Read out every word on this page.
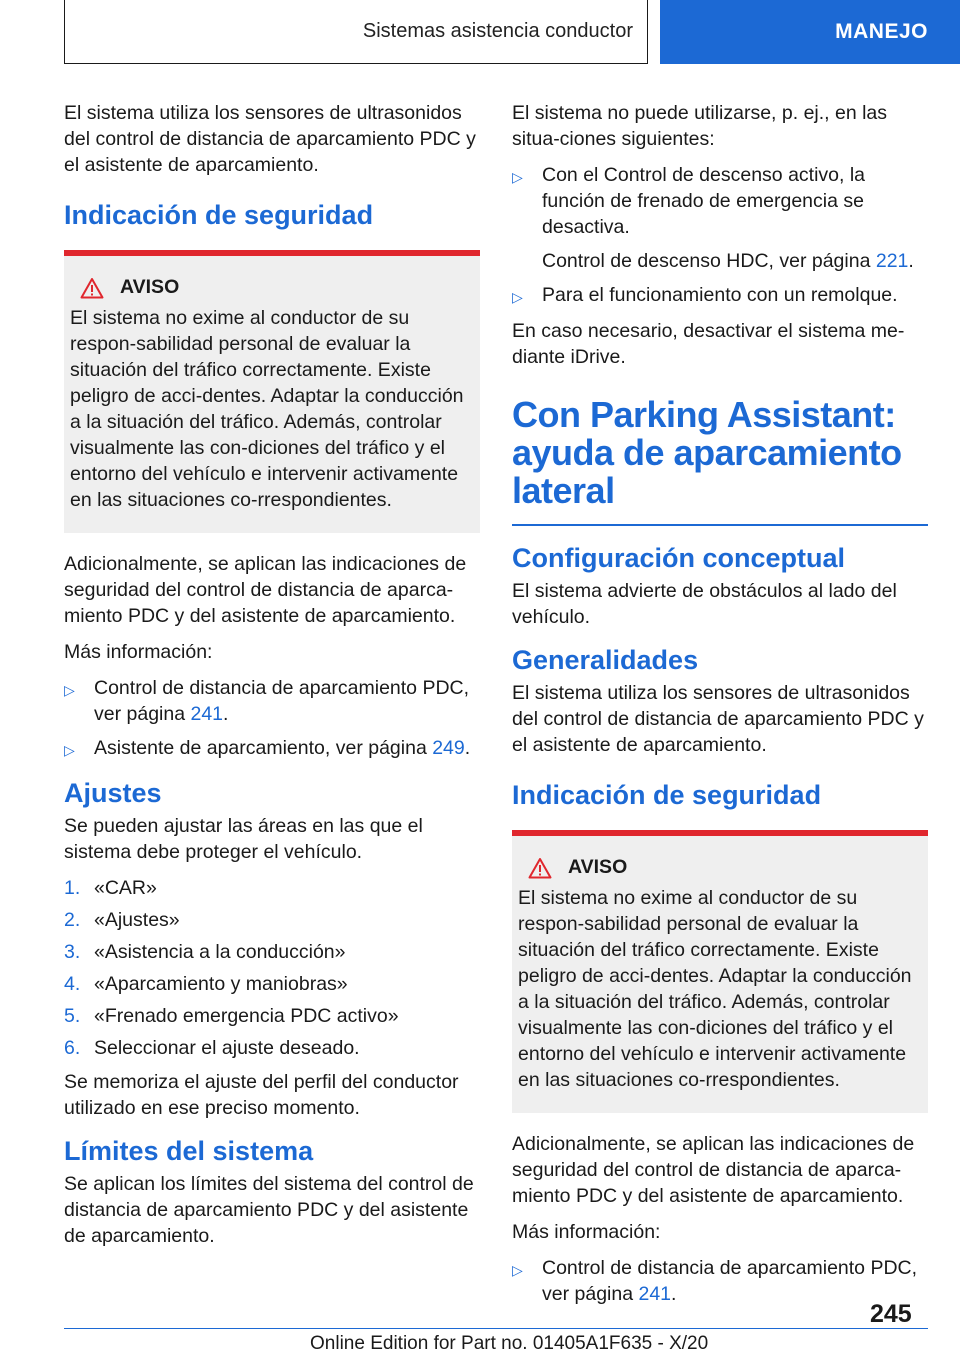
Sistemas asistencia conductor	MANEJO

El sistema utiliza los sensores de ultrasonidos del control de distancia de aparcamiento PDC y el asistente de aparcamiento.

Indicación de seguridad
AVISO

El sistema no exime al conductor de su respon-sabilidad personal de evaluar la situación del tráfico correctamente. Existe peligro de acci-dentes. Adaptar la conducción a la situación del tráfico. Además, controlar visualmente las con-diciones del tráfico y el entorno del vehículo e intervenir activamente en las situaciones co-rrespondientes.

Adicionalmente, se aplican las indicaciones de seguridad del control de distancia de aparca-miento PDC y del asistente de aparcamiento.

Más información:

▷ Control de distancia de aparcamiento PDC, ver página 241.
▷ Asistente de aparcamiento, ver página 249.
Ajustes

Se pueden ajustar las áreas en las que el sistema debe proteger el vehículo.

1. «CAR»
2. «Ajustes»
3. «Asistencia a la conducción»
4. «Aparcamiento y maniobras»
5. «Frenado emergencia PDC activo»
6. Seleccionar el ajuste deseado.

Se memoriza el ajuste del perfil del conductor utilizado en ese preciso momento.

Límites del sistema

Se aplican los límites del sistema del control de distancia de aparcamiento PDC y del asistente de aparcamiento.

El sistema no puede utilizarse, p. ej., en las situa-ciones siguientes:

▷ Con el Control de descenso activo, la función de frenado de emergencia se desactiva.
Control de descenso HDC, ver página 221.
▷ Para el funcionamiento con un remolque.

En caso necesario, desactivar el sistema me-diante iDrive.

Con Parking Assistant: ayuda de aparcamiento lateral
Configuración conceptual

El sistema advierte de obstáculos al lado del vehículo.

Generalidades

El sistema utiliza los sensores de ultrasonidos del control de distancia de aparcamiento PDC y el asistente de aparcamiento.

Indicación de seguridad
AVISO

El sistema no exime al conductor de su respon-sabilidad personal de evaluar la situación del tráfico correctamente. Existe peligro de acci-dentes. Adaptar la conducción a la situación del tráfico. Además, controlar visualmente las con-diciones del tráfico y el entorno del vehículo e intervenir activamente en las situaciones co-rrespondientes.

Adicionalmente, se aplican las indicaciones de seguridad del control de distancia de aparca-miento PDC y del asistente de aparcamiento.

Más información:

▷ Control de distancia de aparcamiento PDC, ver página 241.
245
Online Edition for Part no. 01405A1F635 - X/20
